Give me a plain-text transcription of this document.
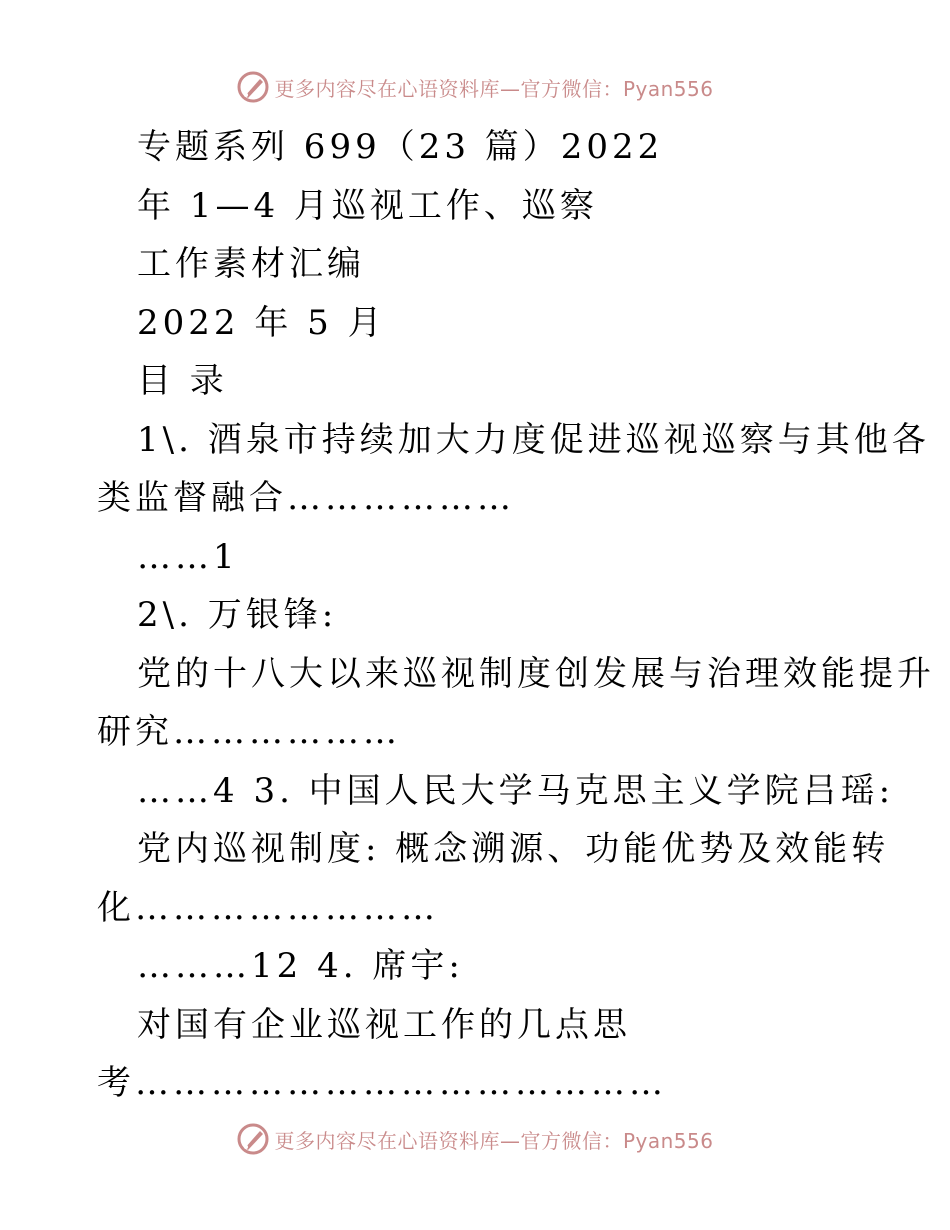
更多内容尽在心语资料库—官方微信：Pyan556
专题系列 699（23 篇）2022
年 1—4 月巡视工作、巡察
工作素材汇编
2022 年 5 月
目 录
1\. 酒泉市持续加大力度促进巡视巡察与其他各
类监督融合………………
……1
2\. 万银锋:
党的十八大以来巡视制度创发展与治理效能提升
研究………………
……4 3. 中国人民大学马克思主义学院吕瑶:
党内巡视制度: 概念溯源、功能优势及效能转
化……………………
………12 4. 席宇:
对国有企业巡视工作的几点思
考……………………………………
更多内容尽在心语资料库—官方微信：Pyan556
